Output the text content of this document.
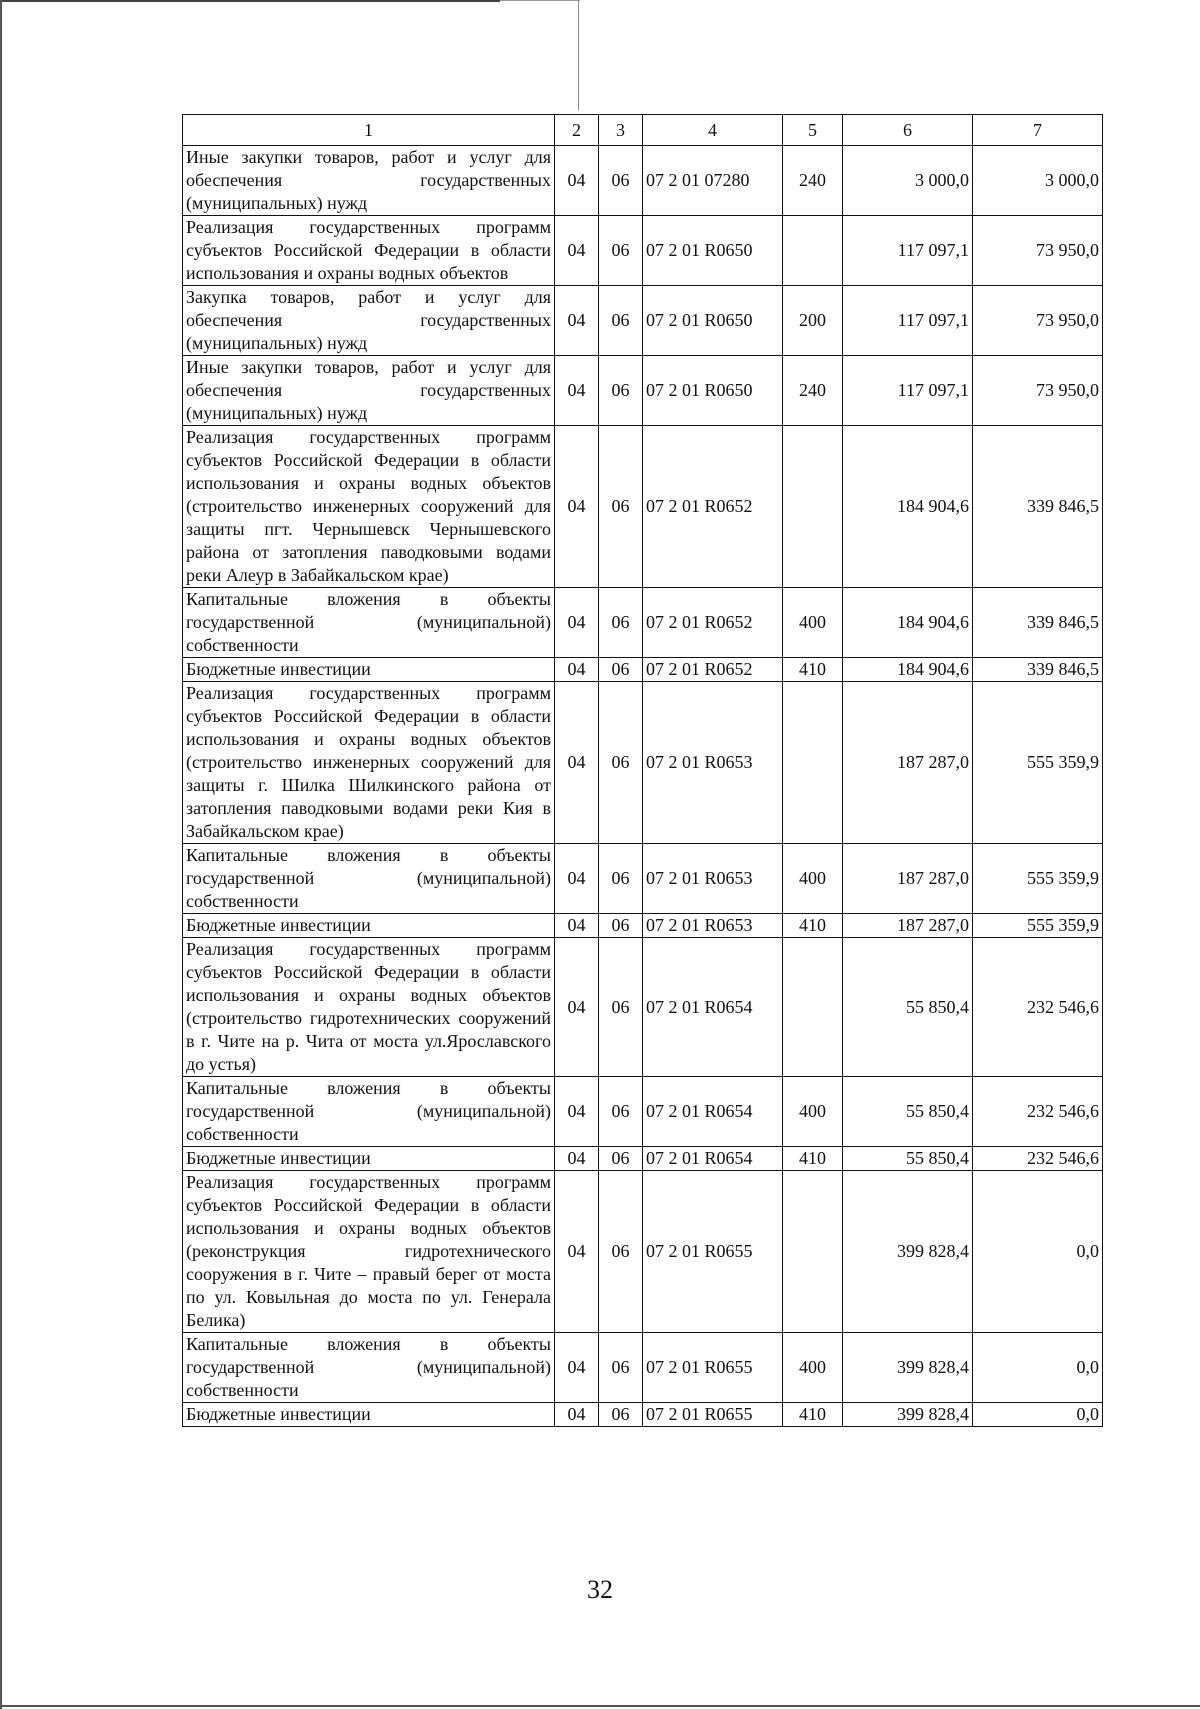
1	2	3	4	5	6	7
Иные закупки товаров, работ и услуг для обеспечения государственных (муниципальных) нужд	04	06	07 2 01 07280	240	3 000,0	3 000,0
Реализация государственных программ субъектов Российской Федерации в области использования и охраны водных объектов	04	06	07 2 01 R0650		117 097,1	73 950,0
Закупка товаров, работ и услуг для обеспечения государственных (муниципальных) нужд	04	06	07 2 01 R0650	200	117 097,1	73 950,0
Иные закупки товаров, работ и услуг для обеспечения государственных (муниципальных) нужд	04	06	07 2 01 R0650	240	117 097,1	73 950,0
Реализация государственных программ субъектов Российской Федерации в области использования и охраны водных объектов (строительство инженерных сооружений для защиты пгт. Чернышевск Чернышевского района от затопления паводковыми водами реки Алеур в Забайкальском крае)	04	06	07 2 01 R0652		184 904,6	339 846,5
Капитальные вложения в объекты государственной (муниципальной) собственности	04	06	07 2 01 R0652	400	184 904,6	339 846,5
Бюджетные инвестиции	04	06	07 2 01 R0652	410	184 904,6	339 846,5
Реализация государственных программ субъектов Российской Федерации в области использования и охраны водных объектов (строительство инженерных сооружений для защиты г. Шилка Шилкинского района от затопления паводковыми водами реки Кия в Забайкальском крае)	04	06	07 2 01 R0653		187 287,0	555 359,9
Капитальные вложения в объекты государственной (муниципальной) собственности	04	06	07 2 01 R0653	400	187 287,0	555 359,9
Бюджетные инвестиции	04	06	07 2 01 R0653	410	187 287,0	555 359,9
Реализация государственных программ субъектов Российской Федерации в области использования и охраны водных объектов (строительство гидротехнических сооружений в г. Чите на р. Чита от моста ул.Ярославского до устья)	04	06	07 2 01 R0654		55 850,4	232 546,6
Капитальные вложения в объекты государственной (муниципальной) собственности	04	06	07 2 01 R0654	400	55 850,4	232 546,6
Бюджетные инвестиции	04	06	07 2 01 R0654	410	55 850,4	232 546,6
Реализация государственных программ субъектов Российской Федерации в области использования и охраны водных объектов (реконструкция гидротехнического сооружения в г. Чите – правый берег от моста по ул. Ковыльная до моста по ул. Генерала Белика)	04	06	07 2 01 R0655		399 828,4	0,0
Капитальные вложения в объекты государственной (муниципальной) собственности	04	06	07 2 01 R0655	400	399 828,4	0,0
Бюджетные инвестиции	04	06	07 2 01 R0655	410	399 828,4	0,0
32
